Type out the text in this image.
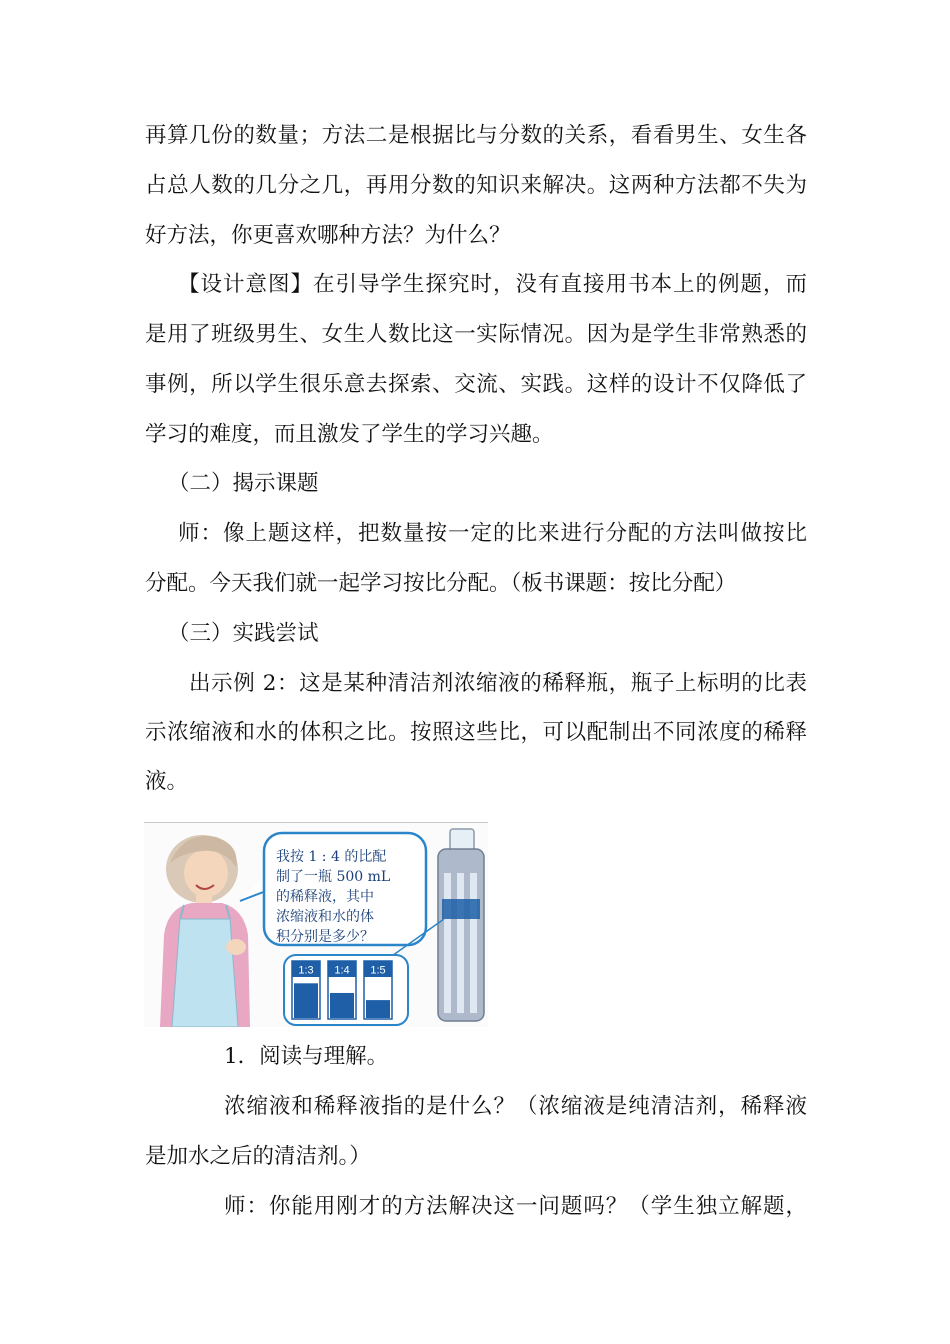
再算几份的数量；方法二是根据比与分数的关系，看看男生、女生各
占总人数的几分之几，再用分数的知识来解决。这两种方法都不失为
好方法，你更喜欢哪种方法？为什么？
【设计意图】在引导学生探究时，没有直接用书本上的例题，而
是用了班级男生、女生人数比这一实际情况。因为是学生非常熟悉的
事例，所以学生很乐意去探索、交流、实践。这样的设计不仅降低了
学习的难度，而且激发了学生的学习兴趣。
（二）揭示课题
师：像上题这样，把数量按一定的比来进行分配的方法叫做按比
分配。今天我们就一起学习按比分配。（板书课题：按比分配）
（三）实践尝试
出示例 2：这是某种清洁剂浓缩液的稀释瓶，瓶子上标明的比表
示浓缩液和水的体积之比。按照这些比，可以配制出不同浓度的稀释
液。
我按 1 : 4 的比配
制了一瓶 500 mL
的稀释液，其中
浓缩液和水的体
积分别是多少？
1:3 1:4 1:5
1．阅读与理解。
浓缩液和稀释液指的是什么？（浓缩液是纯清洁剂，稀释液
是加水之后的清洁剂。）
师：你能用刚才的方法解决这一问题吗？（学生独立解题，
